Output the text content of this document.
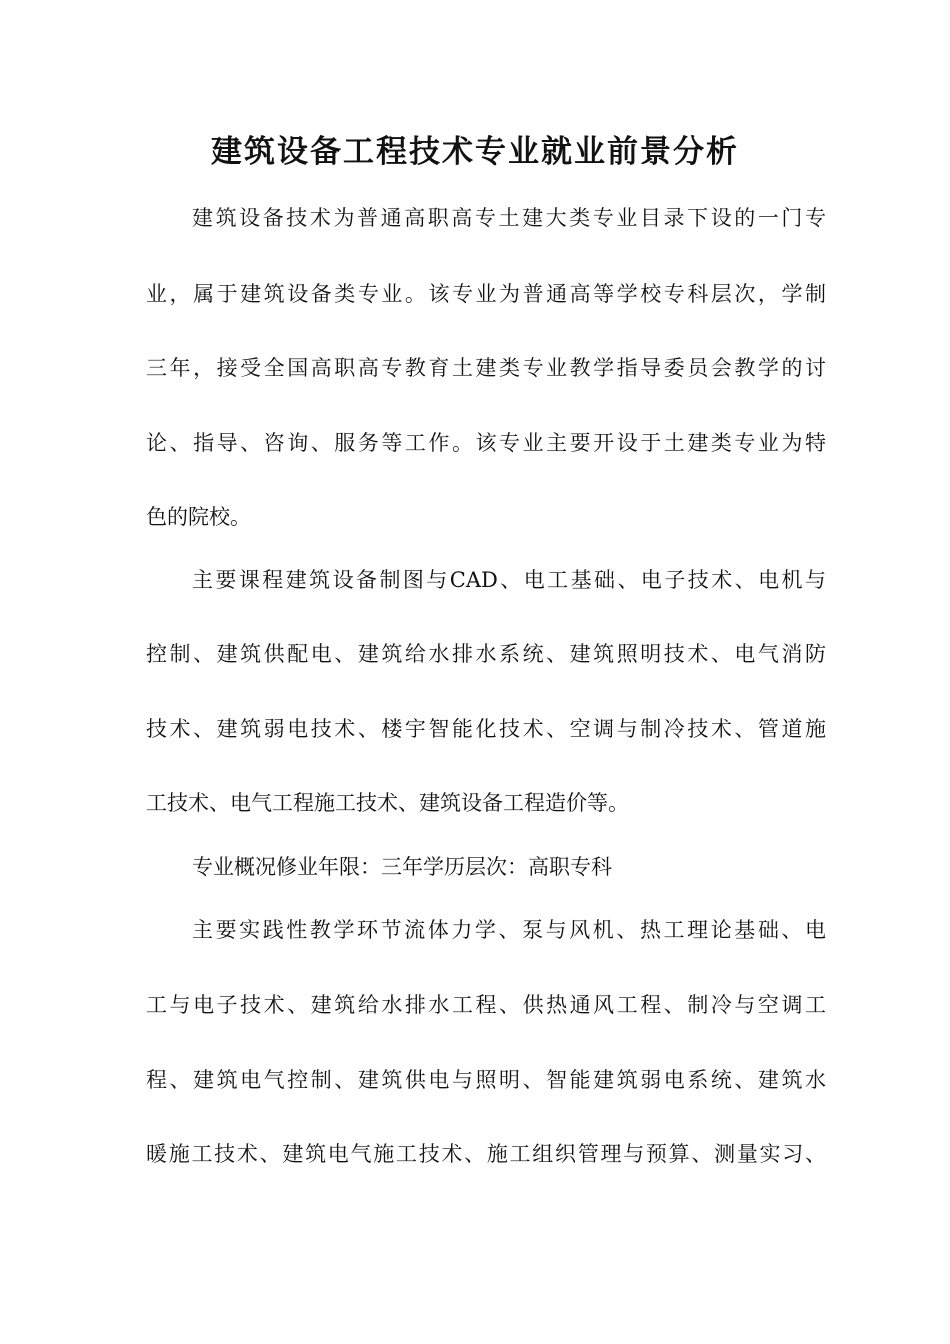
建筑设备工程技术专业就业前景分析

建筑设备技术为普通高职高专土建大类专业目录下设的一门专

业，属于建筑设备类专业。该专业为普通高等学校专科层次，学制

三年，接受全国高职高专教育土建类专业教学指导委员会教学的讨

论、指导、咨询、服务等工作。该专业主要开设于土建类专业为特

色的院校。

主要课程建筑设备制图与CAD、电工基础、电子技术、电机与

控制、建筑供配电、建筑给水排水系统、建筑照明技术、电气消防

技术、建筑弱电技术、楼宇智能化技术、空调与制冷技术、管道施

工技术、电气工程施工技术、建筑设备工程造价等。

专业概况修业年限：三年学历层次：高职专科

主要实践性教学环节流体力学、泵与风机、热工理论基础、电

工与电子技术、建筑给水排水工程、供热通风工程、制冷与空调工

程、建筑电气控制、建筑供电与照明、智能建筑弱电系统、建筑水

暖施工技术、建筑电气施工技术、施工组织管理与预算、测量实习、
